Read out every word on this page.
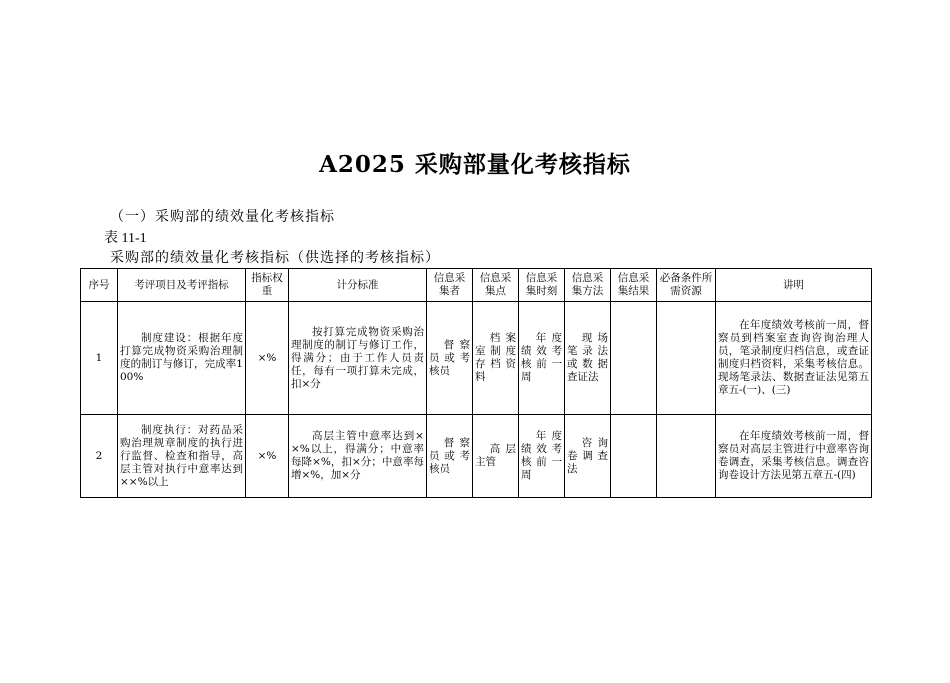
A2025 采购部量化考核指标
（一）采购部的绩效量化考核指标
表 11-1
采购部的绩效量化考核指标（供选择的考核指标）
序号	考评项目及考评指标	指标权重	计分标准	信息采集者	信息采集点	信息采集时刻	信息采集方法	信息采集结果	必备条件所需资源	讲明
1	制度建设：根据年度打算完成物资采购治理制度的制订与修订，完成率100%	×%	按打算完成物资采购治理制度的制订与修订工作，得满分；由于工作人员责任，每有一项打算未完成，扣×分	督察员或考核员	档案室制度存档资料	年度绩效考核前一周	现场笔录法或数据查证法			在年度绩效考核前一周，督察员到档案室查询咨询治理人员，笔录制度归档信息，或查证制度归档资料，采集考核信息。现场笔录法、数据查证法见第五章五-(一)、(三)
2	制度执行：对药品采购治理规章制度的执行进行监督、检查和指导，高层主管对执行中意率达到××%以上	×%	高层主管中意率达到××%以上，得满分；中意率每降×%，扣×分；中意率每增×%，加×分	督察员或考核员	高层主管	年度绩效考核前一周	咨询卷调查法			在年度绩效考核前一周，督察员对高层主管进行中意率咨询卷调查，采集考核信息。调查咨询卷设计方法见第五章五-(四)
